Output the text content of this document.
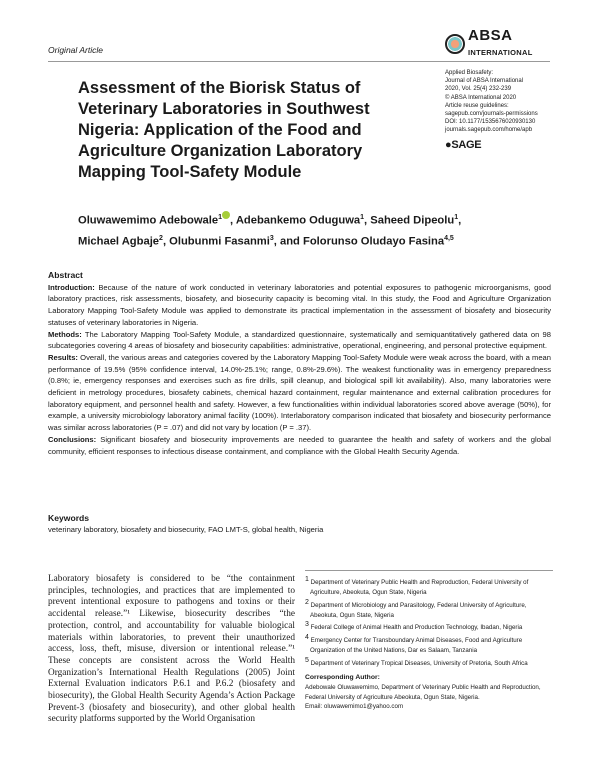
Original Article
ABSA
INTERNATIONAL
Applied Biosafety:
Journal of ABSA International
2020, Vol. 25(4) 232-239
© ABSA International 2020
Article reuse guidelines:
sagepub.com/journals-permissions
DOI: 10.1177/1535676020930130
journals.sagepub.com/home/apb
●SAGE
Assessment of the Biorisk Status of Veterinary Laboratories in Southwest Nigeria: Application of the Food and Agriculture Organization Laboratory Mapping Tool-Safety Module
Oluwawemimo Adebowale$^1$ , Adebankemo Oduguwa$^1$, Saheed Dipeolu$^1$,
Michael Agbaje$^2$, Olubunmi Fasanmi$^3$, and Folorunso Oludayo Fasina$^{4,5}$
Abstract

Introduction: Because of the nature of work conducted in veterinary laboratories and potential exposures to pathogenic microorganisms, good laboratory practices, risk assessments, biosafety, and biosecurity capacity is becoming vital. In this study, the Food and Agriculture Organization Laboratory Mapping Tool-Safety Module was applied to demonstrate its practical implementation in the assessment of biosafety and biosecurity statuses of veterinary laboratories in Nigeria.

Methods: The Laboratory Mapping Tool-Safety Module, a standardized questionnaire, systematically and semiquantitatively gathered data on 98 subcategories covering 4 areas of biosafety and biosecurity capabilities: administrative, operational, engineering, and personal protective equipment.

Results: Overall, the various areas and categories covered by the Laboratory Mapping Tool-Safety Module were weak across the board, with a mean performance of 19.5% (95% confidence interval, 14.0%-25.1%; range, 0.8%-29.6%). The weakest functionality was in emergency preparedness (0.8%; ie, emergency responses and exercises such as fire drills, spill cleanup, and biological spill kit availability). Also, many laboratories were deficient in metrology procedures, biosafety cabinets, chemical hazard containment, regular maintenance and external calibration procedures for laboratory equipment, and personnel health and safety. However, a few functionalities within individual laboratories scored above average (50%), for example, a university microbiology laboratory animal facility (100%). Interlaboratory comparison indicated that biosafety and biosecurity performance was similar across laboratories (P = .07) and did not vary by location (P = .37).

Conclusions: Significant biosafety and biosecurity improvements are needed to guarantee the health and safety of workers and the global community, efficient responses to infectious disease containment, and compliance with the Global Health Security Agenda.

Keywords

veterinary laboratory, biosafety and biosecurity, FAO LMT-S, global health, Nigeria

Laboratory biosafety is considered to be “the containment principles, technologies, and practices that are implemented to prevent intentional exposure to pathogens and toxins or their accidental release.”¹ Likewise, biosecurity describes “the protection, control, and accountability for valuable biological materials within laboratories, to prevent their unauthorized access, loss, theft, misuse, diversion or intentional release.”¹ These concepts are consistent across the World Health Organization’s International Health Regulations (2005) Joint External Evaluation indicators P.6.1 and P.6.2 (biosafety and biosecurity), the Global Health Security Agenda’s Action Package Prevent-3 (biosafety and biosecurity), and other global health security platforms supported by the World Organisation

$^1$ Department of Veterinary Public Health and Reproduction, Federal University of Agriculture, Abeokuta, Ogun State, Nigeria
$^2$ Department of Microbiology and Parasitology, Federal University of Agriculture, Abeokuta, Ogun State, Nigeria
$^3$ Federal College of Animal Health and Production Technology, Ibadan, Nigeria
$^4$ Emergency Center for Transboundary Animal Diseases, Food and Agriculture Organization of the United Nations, Dar es Salaam, Tanzania
$^5$ Department of Veterinary Tropical Diseases, University of Pretoria, South Africa
Corresponding Author:

Adebowale Oluwawemimo, Department of Veterinary Public Health and Reproduction, Federal University of Agriculture Abeokuta, Ogun State, Nigeria.

Email: oluwawemimo1@yahoo.com
